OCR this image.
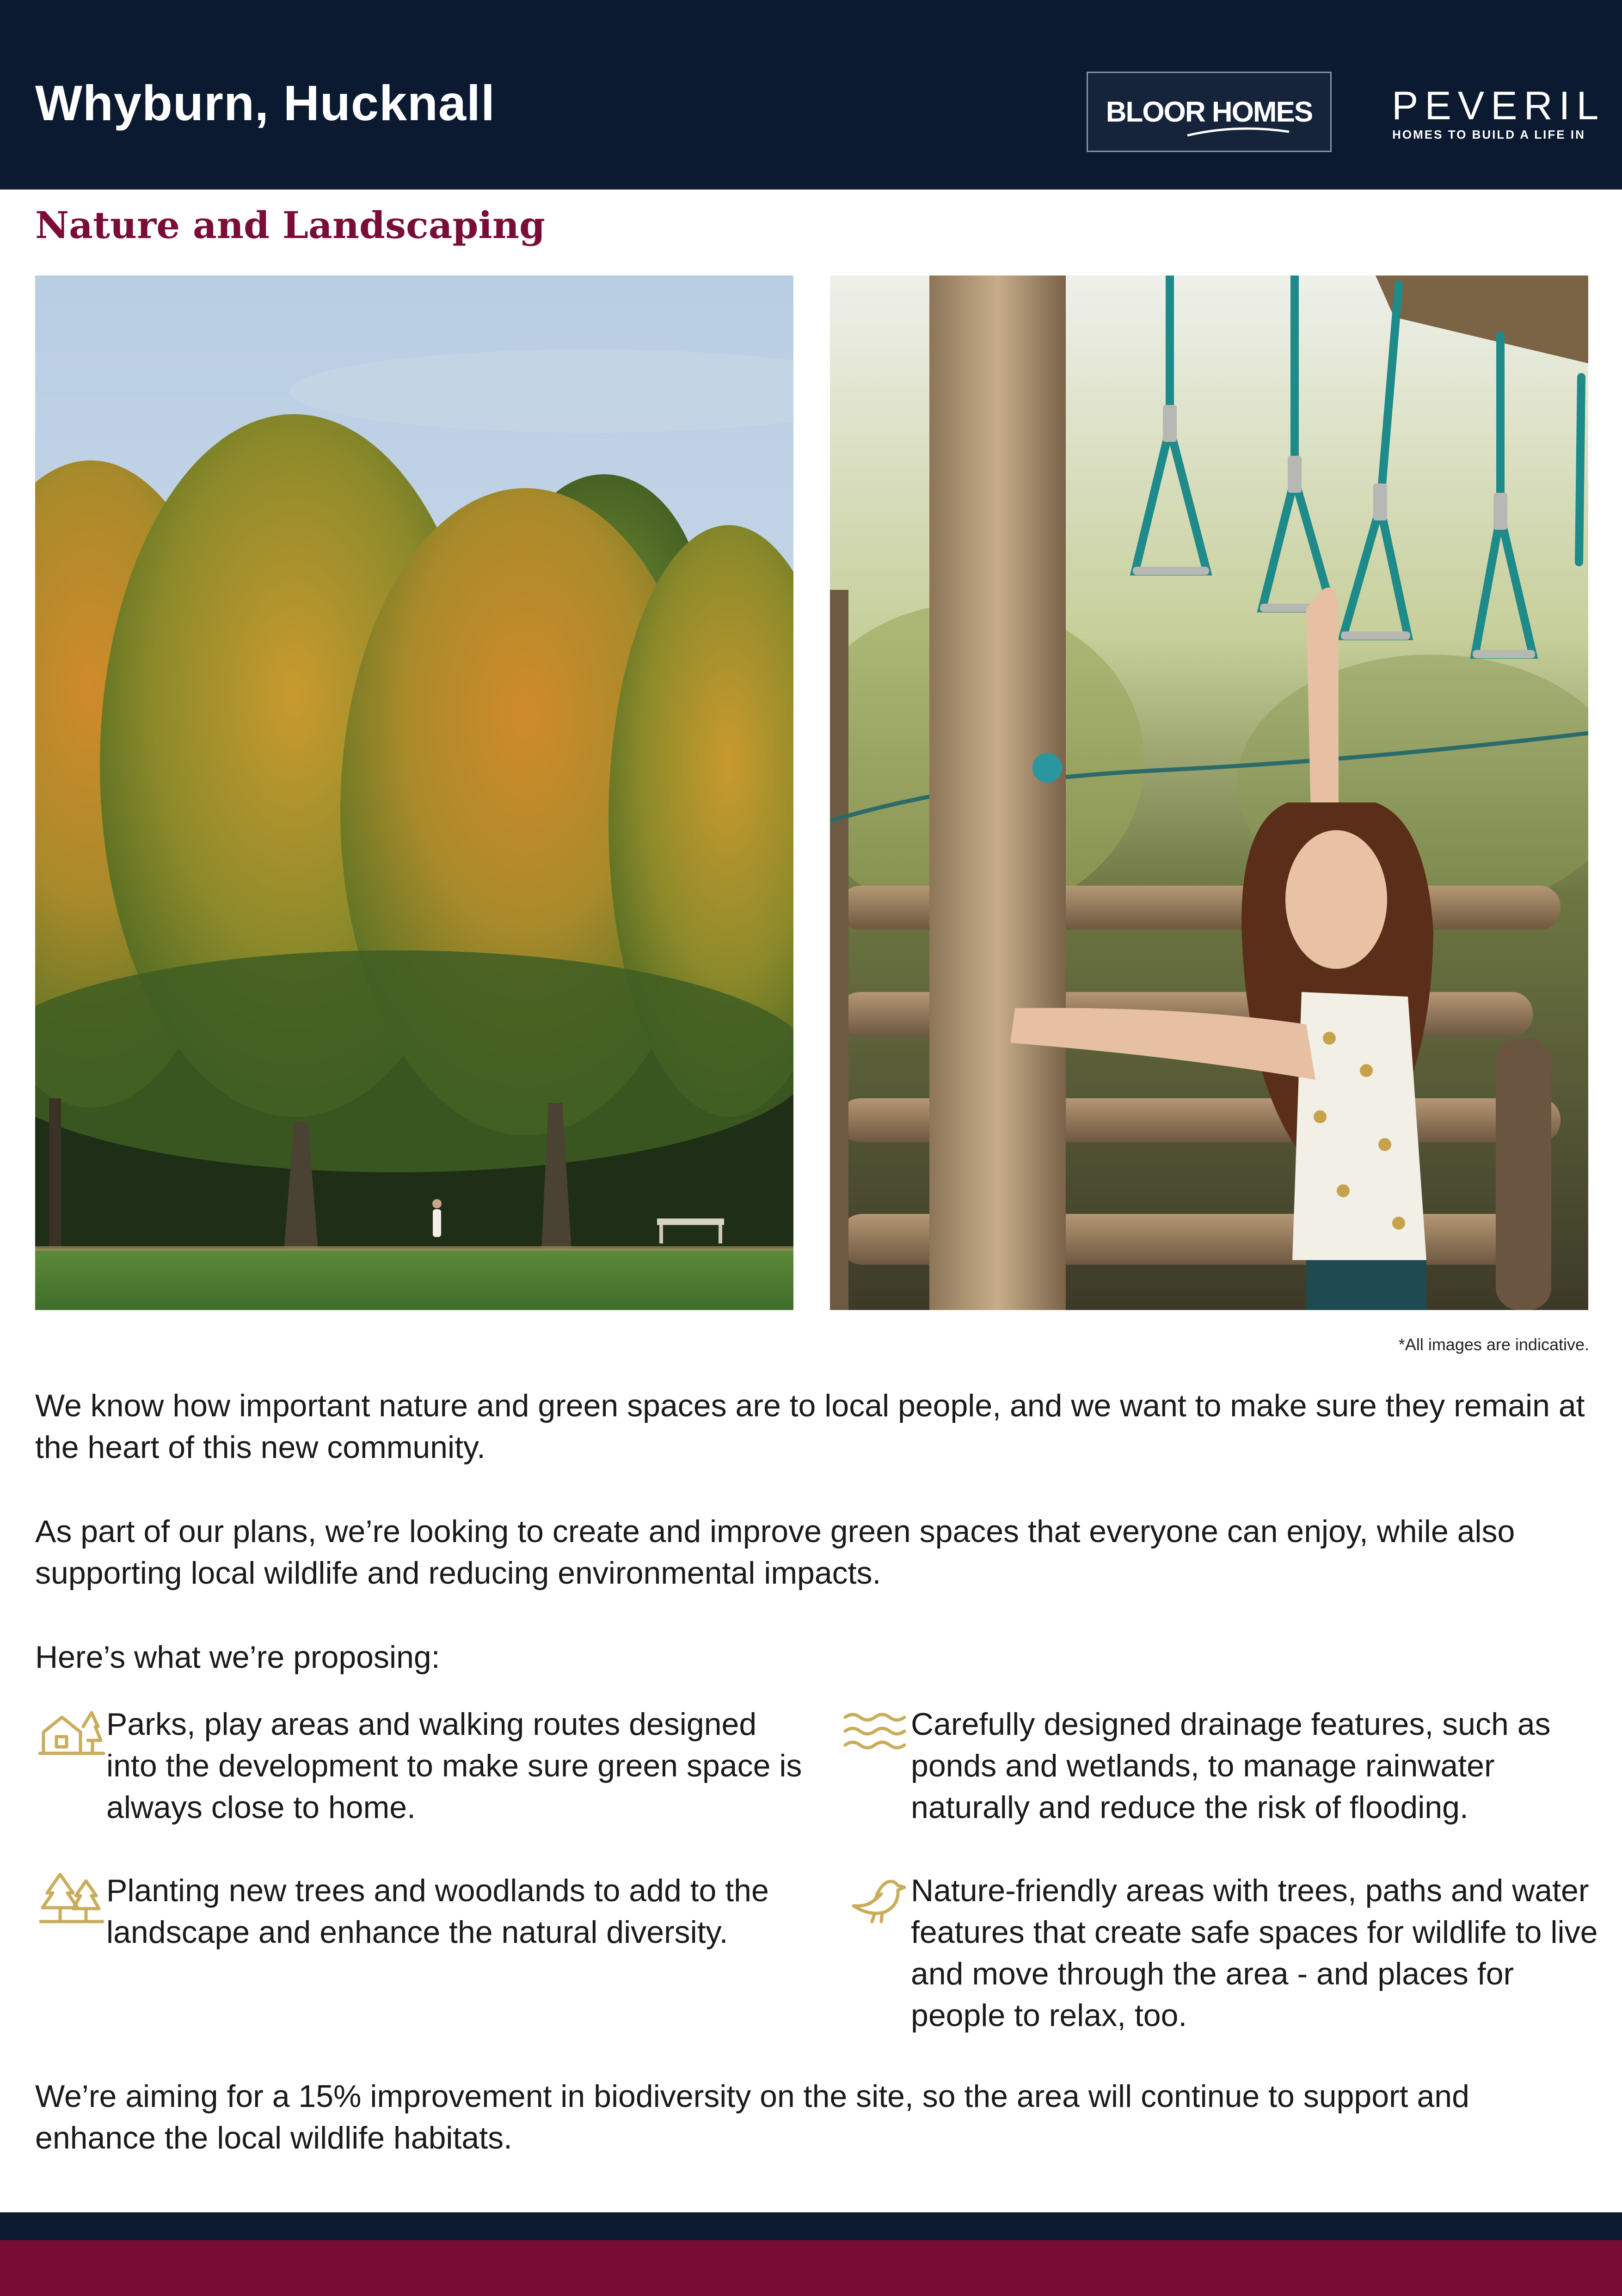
Whyburn, Hucknall	BLOOR HOMES PEVERIL
HOMES TO BUILD A LIFE IN
Nature and Landscaping
*All images are indicative.

We know how important nature and green spaces are to local people, and we want to make sure they remain at the heart of this new community.

As part of our plans, we’re looking to create and improve green spaces that everyone can enjoy, while also supporting local wildlife and reducing environmental impacts.

Here’s what we’re proposing:

Parks, play areas and walking routes designed into the development to make sure green space is always close to home.
Planting new trees and woodlands to add to the landscape and enhance the natural diversity.
Carefully designed drainage features, such as ponds and wetlands, to manage rainwater naturally and reduce the risk of flooding.
Nature-friendly areas with trees, paths and water features that create safe spaces for wildlife to live and move through the area - and places for people to relax, too.

We’re aiming for a 15% improvement in biodiversity on the site, so the area will continue to support and enhance the local wildlife habitats.
